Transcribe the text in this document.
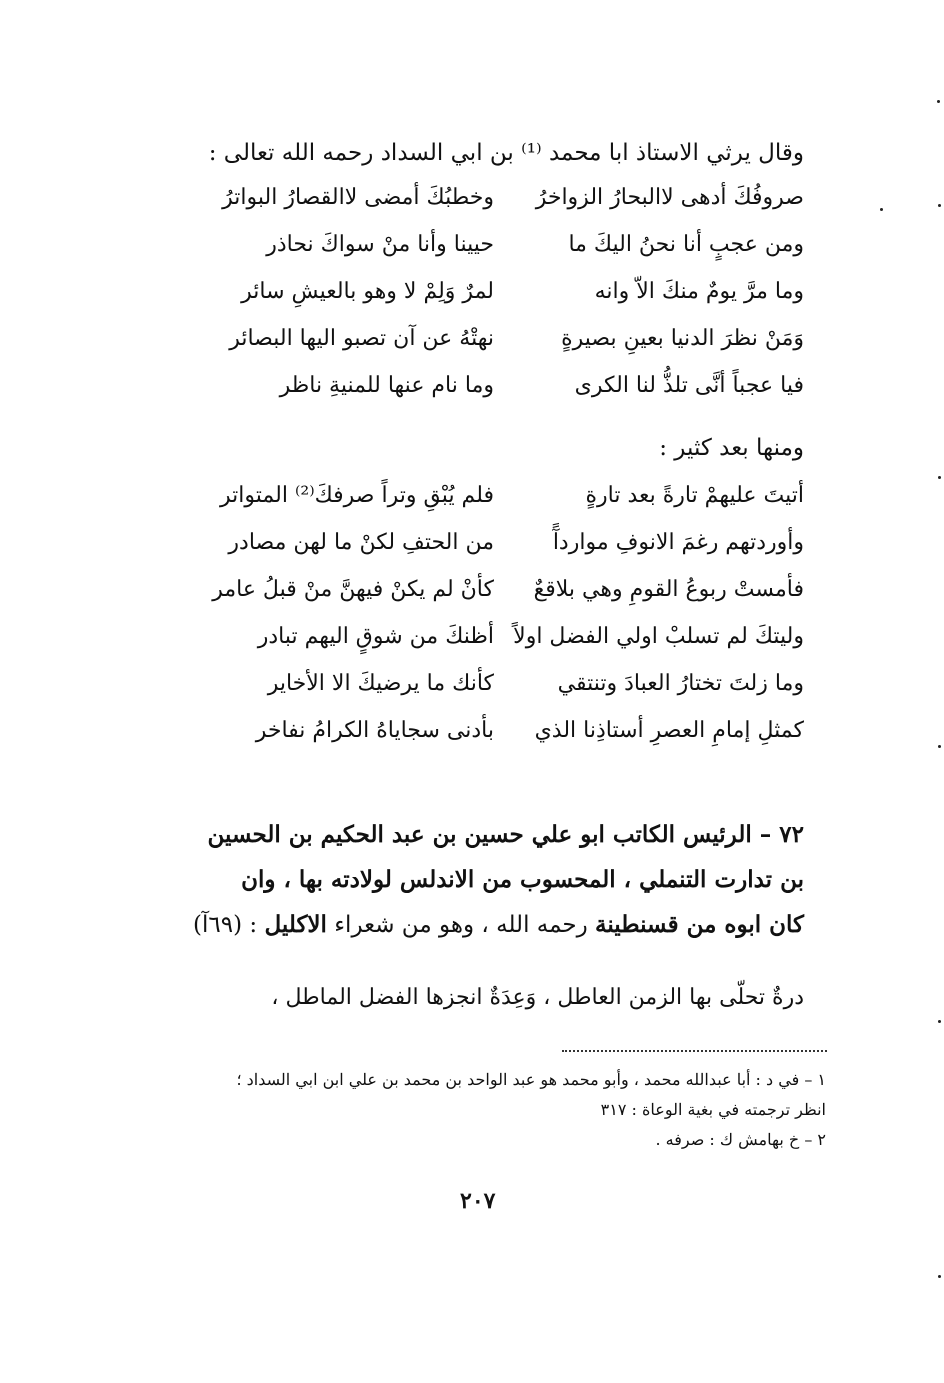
وقال يرثي الاستاذ ابا محمد ⁽¹⁾ بن ابي السداد رحمه الله تعالى :
صروفُكَ أدهى لاالبحارُ الزواخرُ
وخطبُكَ أمضى لاالقصارُ البواترُ
ومن عجبٍ أنا نحنُ اليكَ ما
حيينا وأنا منْ سواكَ نحاذر
وما مرَّ يومٌ منكَ الاّ وانه
لمرٌ وَلِمْ لا وهو بالعيشِ سائر
وَمَنْ نظرَ الدنيا بعينِ بصيرةٍ
نهتْهُ عن آن تصبو اليها البصائر
فيا عجباً أنَّى تلذُّ لنا الكرى
وما نام عنها للمنيةِ ناظر
ومنها بعد كثير :
أتيتَ عليهمْ تارةً بعد تارةٍ
فلم يُبْقِ وتراً صرفكَ⁽²⁾ المتواتر
وأوردتهم رغمَ الانوفِ مواردآً
من الحتفِ لكنْ ما لهن مصادر
فأمستْ ربوعُ القومِ وهي بلاقعٌ
كأنْ لم يكنْ فيهنَّ منْ قبلُ عامر
وليتكَ لم تسلبْ اولي الفضل اولاً
أظنكَ من شوقٍ اليهم تبادر
وما زلتَ تختارُ العبادَ وتنتقي
كأنك ما يرضيكَ الا الأخاير
كمثلِ إمامِ العصرِ أستاذِنا الذي
بأدنى سجاياهُ الكرامُ نفاخر
٧٢ – الرئيس الكاتب ابو علي حسين بن عبد الحكيم بن الحسين
بن تدارت التنملي ، المحسوب من الاندلس لولادته بها ، وان
كان ابوه من قسنطينة رحمه الله ، وهو من شعراء الاكليل : (٦٩آ)
درةٌ تحلّى بها الزمن العاطل ، وَعِدَةٌ انجزها الفضل الماطل ،
١ – في د : أبا عبدالله محمد ، وأبو محمد هو عبد الواحد بن محمد بن علي ابن ابي السداد ؛
انظر ترجمته في بغية الوعاة : ٣١٧
٢ – خ بهامش ك : صرفه .
٢٠٧
